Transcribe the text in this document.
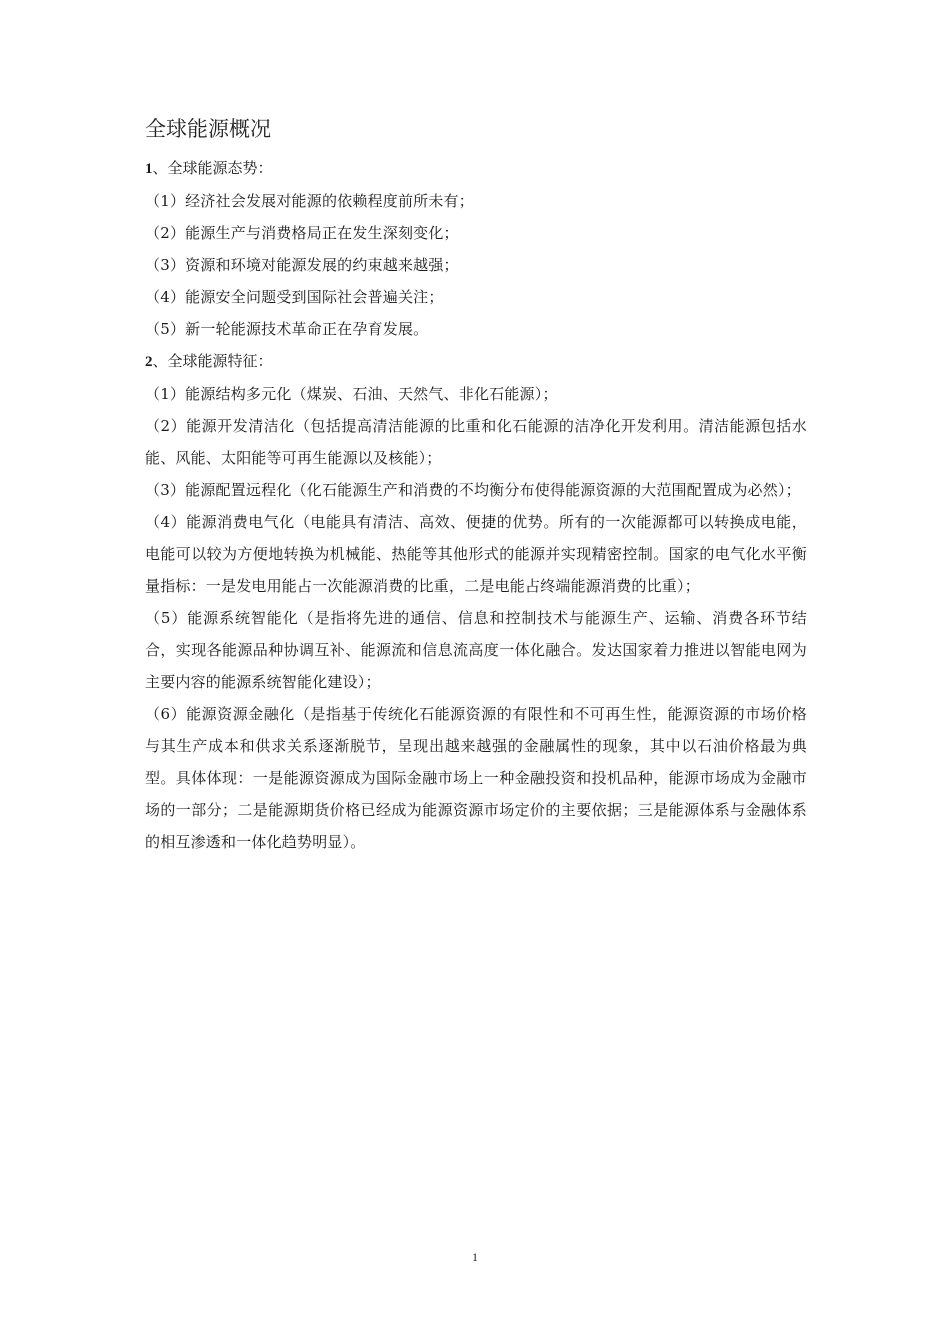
全球能源概况

1、全球能源态势：

（1）经济社会发展对能源的依赖程度前所未有；

（2）能源生产与消费格局正在发生深刻变化；

（3）资源和环境对能源发展的约束越来越强；

（4）能源安全问题受到国际社会普遍关注；

（5）新一轮能源技术革命正在孕育发展。

2、全球能源特征：

（1）能源结构多元化（煤炭、石油、天然气、非化石能源）；

（2）能源开发清洁化（包括提高清洁能源的比重和化石能源的洁净化开发利用。清洁能源包括水能、风能、太阳能等可再生能源以及核能）；

（3）能源配置远程化（化石能源生产和消费的不均衡分布使得能源资源的大范围配置成为必然）；

（4）能源消费电气化（电能具有清洁、高效、便捷的优势。所有的一次能源都可以转换成电能，电能可以较为方便地转换为机械能、热能等其他形式的能源并实现精密控制。国家的电气化水平衡量指标：一是发电用能占一次能源消费的比重，二是电能占终端能源消费的比重）；

（5）能源系统智能化（是指将先进的通信、信息和控制技术与能源生产、运输、消费各环节结合，实现各能源品种协调互补、能源流和信息流高度一体化融合。发达国家着力推进以智能电网为主要内容的能源系统智能化建设）；

（6）能源资源金融化（是指基于传统化石能源资源的有限性和不可再生性，能源资源的市场价格与其生产成本和供求关系逐渐脱节，呈现出越来越强的金融属性的现象，其中以石油价格最为典型。具体体现：一是能源资源成为国际金融市场上一种金融投资和投机品种，能源市场成为金融市场的一部分；二是能源期货价格已经成为能源资源市场定价的主要依据；三是能源体系与金融体系的相互渗透和一体化趋势明显）。

1
